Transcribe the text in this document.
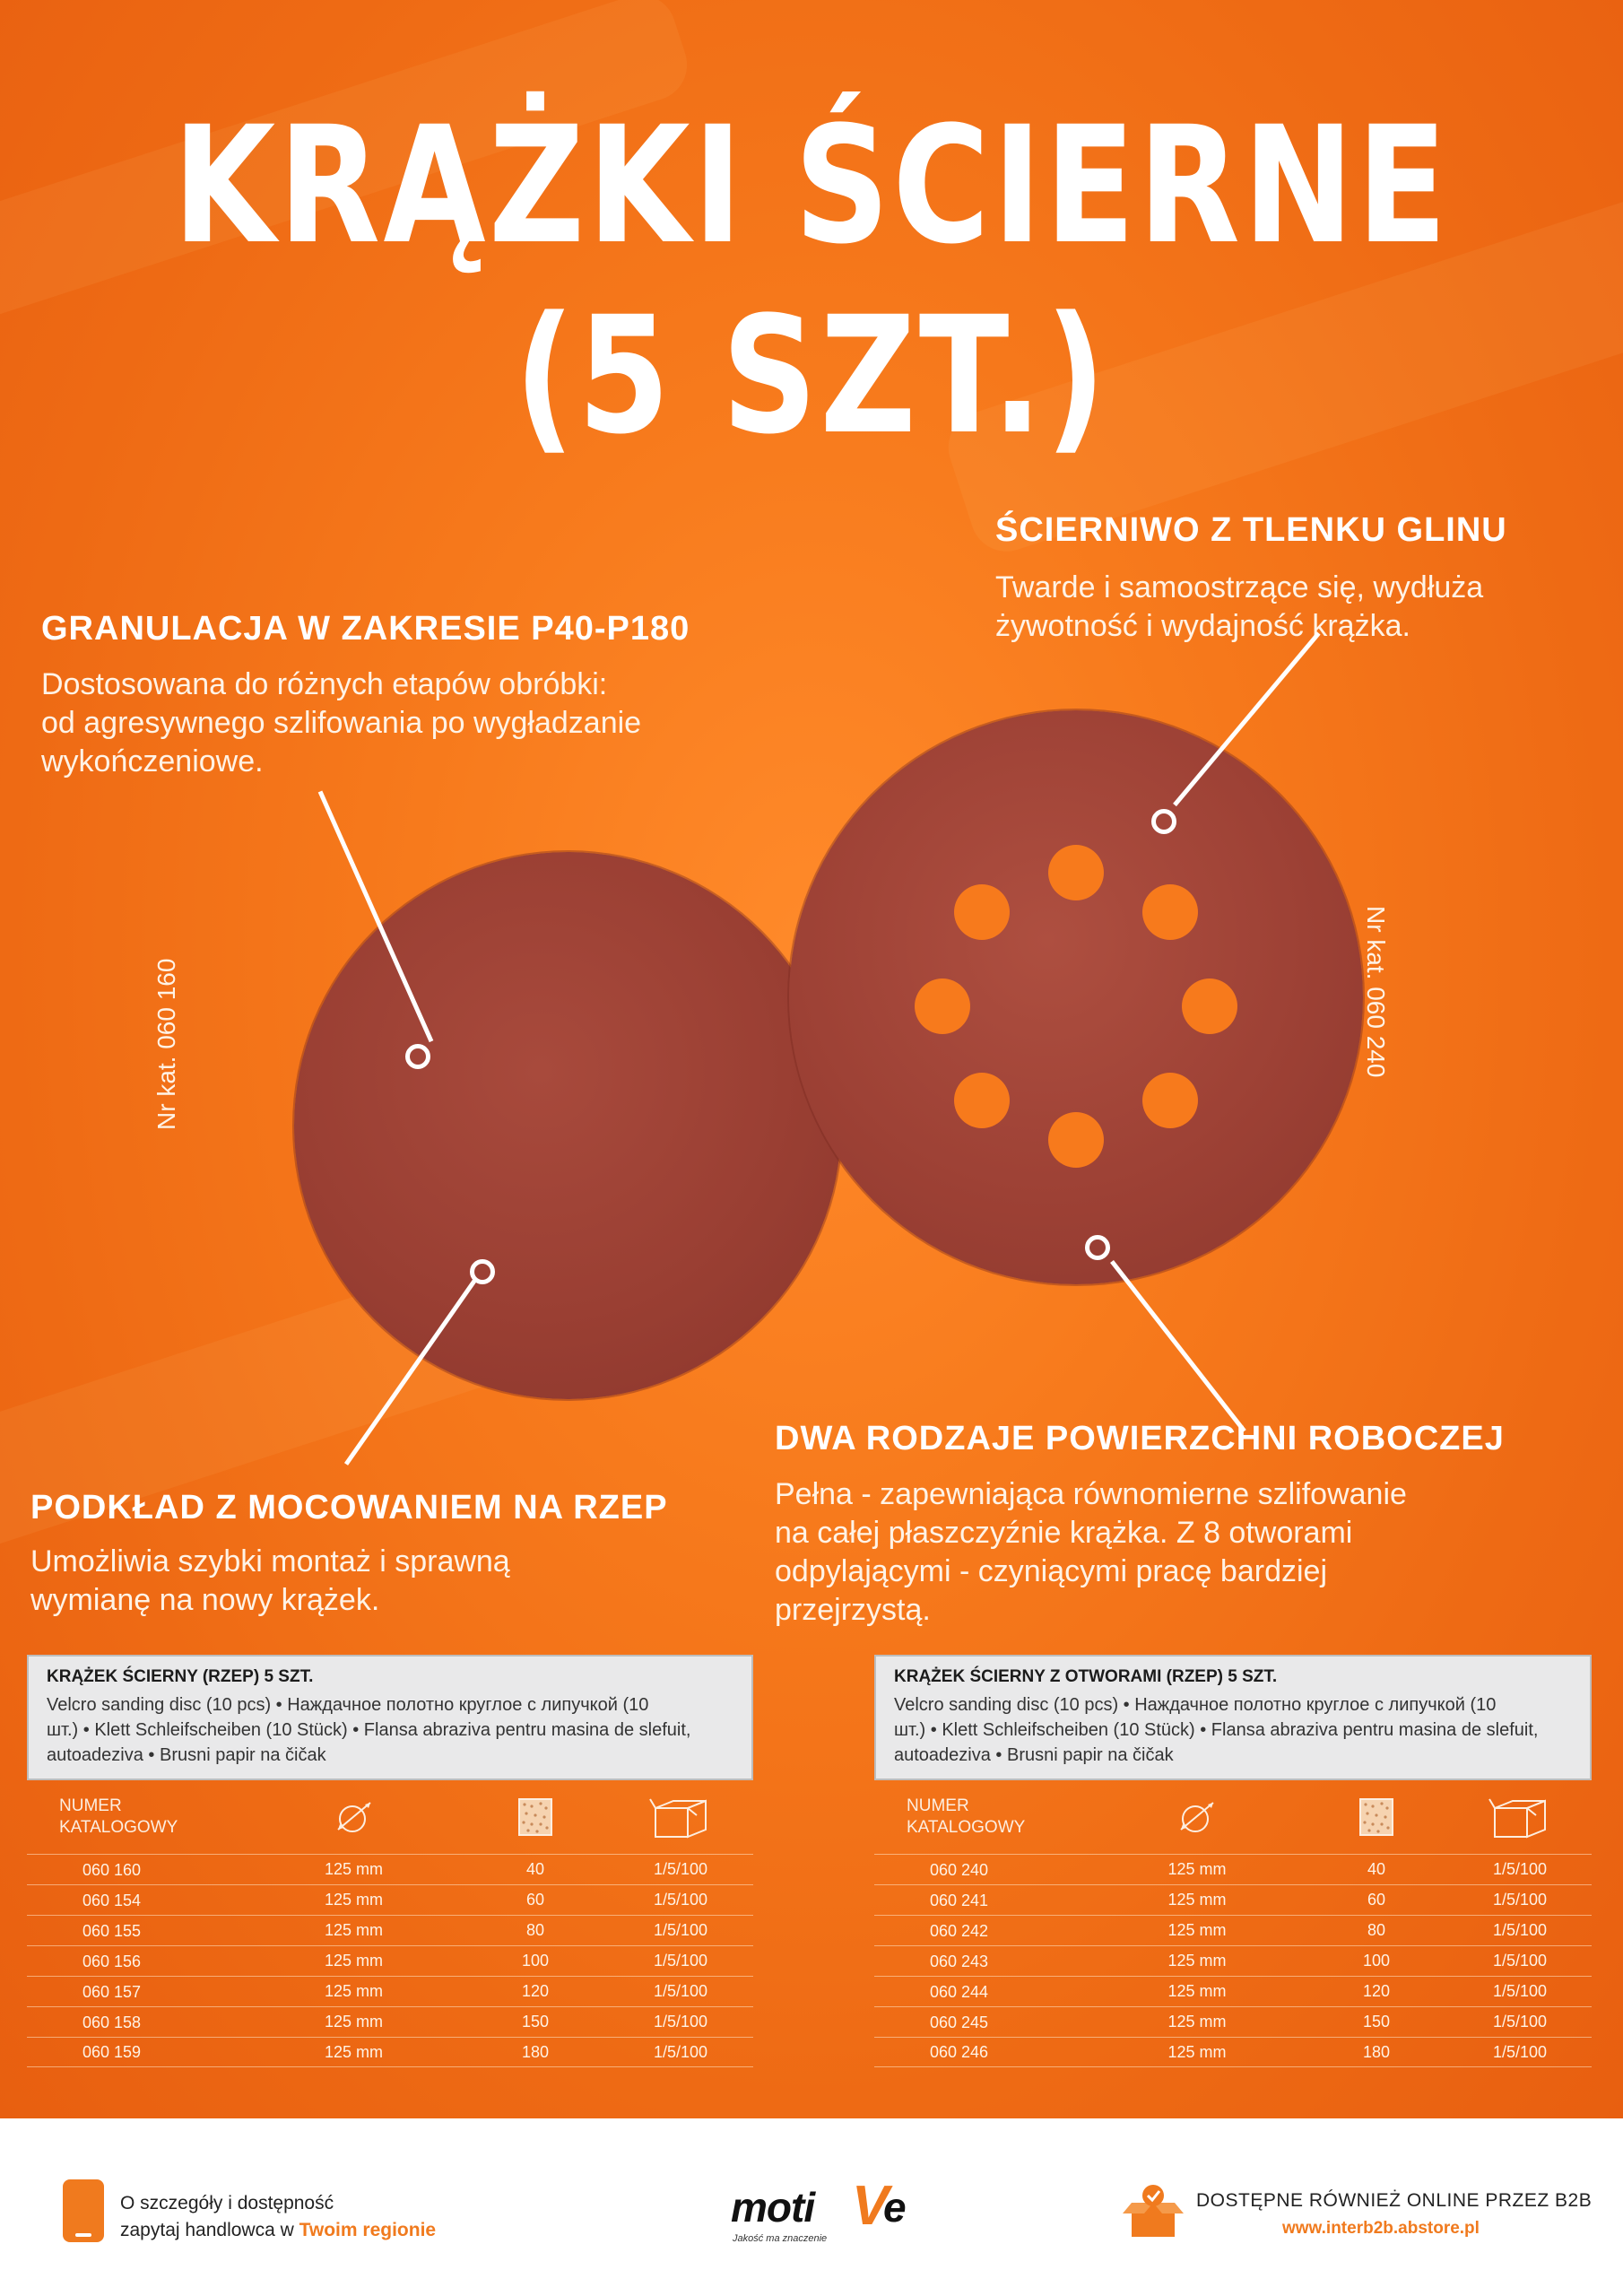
KRĄŻKI ŚCIERNE
(5 SZT.)
GRANULACJA W ZAKRESIE P40-P180
Dostosowana do różnych etapów obróbki:
od agresywnego szlifowania po wygładzanie
wykończeniowe.
ŚCIERNIWO Z TLENKU GLINU
Twarde i samoostrzące się, wydłuża
żywotność i wydajność krążka.
Nr kat. 060 160	Nr kat. 060 240
PODKŁAD Z MOCOWANIEM NA RZEP
Umożliwia szybki montaż i sprawną
wymianę na nowy krążek.
DWA RODZAJE POWIERZCHNI ROBOCZEJ
Pełna - zapewniająca równomierne szlifowanie
na całej płaszczyźnie krążka. Z 8 otworami
odpylającymi - czyniącymi pracę bardziej
przejrzystą.
KRĄŻEK ŚCIERNY (RZEP) 5 SZT.
Velcro sanding disc (10 pcs) • Наждачное полотно круглое с липучкой (10
шт.) • Klett Schleifscheiben (10 Stück) • Flansa abraziva pentru masina de slefuit,
autoadeziva • Brusni papir na čičak
NUMER KATALOGOWY
060 160	125 mm	40	1/5/100
060 154	125 mm	60	1/5/100
060 155	125 mm	80	1/5/100
060 156	125 mm	100	1/5/100
060 157	125 mm	120	1/5/100
060 158	125 mm	150	1/5/100
060 159	125 mm	180	1/5/100
KRĄŻEK ŚCIERNY Z OTWORAMI (RZEP) 5 SZT.
Velcro sanding disc (10 pcs) • Наждачное полотно круглое с липучкой (10
шт.) • Klett Schleifscheiben (10 Stück) • Flansa abraziva pentru masina de slefuit,
autoadeziva • Brusni papir na čičak
NUMER KATALOGOWY
060 240	125 mm	40	1/5/100
060 241	125 mm	60	1/5/100
060 242	125 mm	80	1/5/100
060 243	125 mm	100	1/5/100
060 244	125 mm	120	1/5/100
060 245	125 mm	150	1/5/100
060 246	125 mm	180	1/5/100
O szczegóły i dostępność
zapytaj handlowca w Twoim regionie	moti V
e
Jakość ma znaczenie
DOSTĘPNE RÓWNIEŻ ONLINE PRZEZ B2B
www.interb2b.abstore.pl
